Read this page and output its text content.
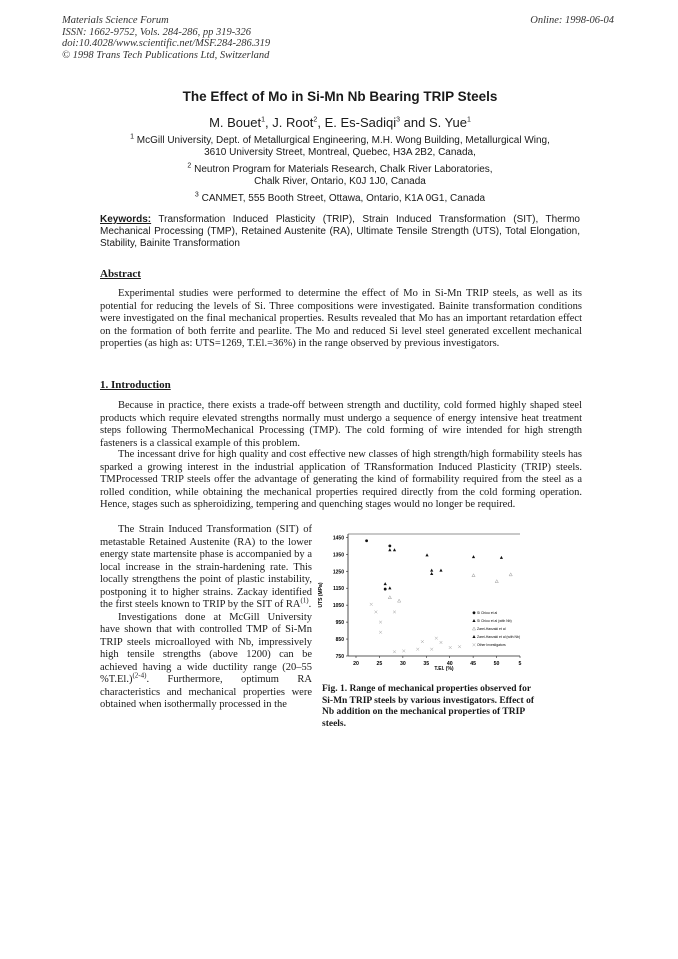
Materials Science Forum
ISSN: 1662-9752, Vols. 284-286, pp 319-326
doi:10.4028/www.scientific.net/MSF.284-286.319
© 1998 Trans Tech Publications Ltd, Switzerland
Online: 1998-06-04
The Effect of Mo in Si-Mn Nb Bearing TRIP Steels
M. Bouet$^1$, J. Root$^2$, E. Es-Sadiqi$^3$ and S. Yue$^1$
$^1$ McGill University, Dept. of Metallurgical Engineering, M.H. Wong Building, Metallurgical Wing,
3610 University Street, Montreal, Quebec, H3A 2B2, Canada,
$^2$ Neutron Program for Materials Research, Chalk River Laboratories,
Chalk River, Ontario, K0J 1J0, Canada
$^3$ CANMET, 555 Booth Street, Ottawa, Ontario, K1A 0G1, Canada
Keywords: Transformation Induced Plasticity (TRIP), Strain Induced Transformation (SIT), Thermo Mechanical Processing (TMP), Retained Austenite (RA), Ultimate Tensile Strength (UTS), Total Elongation, Stability, Bainite Transformation
Abstract

Experimental studies were performed to determine the effect of Mo in Si-Mn TRIP steels, as well as its potential for reducing the levels of Si. Three compositions were investigated. Bainite transformation conditions were investigated on the final mechanical properties. Results revealed that Mo has an important retardation effect on the formation of both ferrite and pearlite. The Mo and reduced Si level steel generated excellent mechanical properties (as high as: UTS=1269, T.El.=36%) in the range observed by previous investigators.

1. Introduction

Because in practice, there exists a trade-off between strength and ductility, cold formed highly shaped steel products which require elevated strengths normally must undergo a sequence of energy intensive heat treatment steps following ThermoMechanical Processing (TMP). The cold forming of wire intended for high strength fasteners is a classical example of this problem.

The incessant drive for high quality and cost effective new classes of high strength/high formability steels has sparked a growing interest in the industrial application of TRansformation Induced Plasticity (TRIP) steels. TMProcessed TRIP steels offer the advantage of generating the kind of formability required from the steel as a rolled condition, while obtaining the mechanical properties required directly from the cold forming operation. Hence, stages such as spheroidizing, tempering and quenching stages would no longer be required.

The Strain Induced Transformation (SIT) of metastable Retained Austenite (RA) to the lower energy state martensite phase is accompanied by a local increase in the strain-hardening rate. This locally strengthens the point of plastic instability, postponing it to higher strains. Zackay identified the first steels known to TRIP by the SIT of RA$^{(1)}$.

Investigations done at McGill University have shown that with controlled TMP of Si-Mn TRIP steels microalloyed with Nb, impressively high tensile strengths (above 1200) can be achieved having a wide ductility range (20–55 %T.El.)$^{(2-4)}$. Furthermore, optimum RA characteristics and mechanical properties were obtained when isothermally processed in the

1450
1350
1250
1150
1050
950
850
750
20	25	30	35	40	45	50	5
T.El. (%)
UTS (MPa)
Si Chiou et al
Si Chiou et al (with Nb)
Zarei-Hanzaki et al
Zarei-Hanzaki et al (with Nb)
Other Investigators
Fig. 1. Range of mechanical properties observed for Si-Mn TRIP steels by various investigators. Effect of Nb addition on the mechanical properties of TRIP steels.
